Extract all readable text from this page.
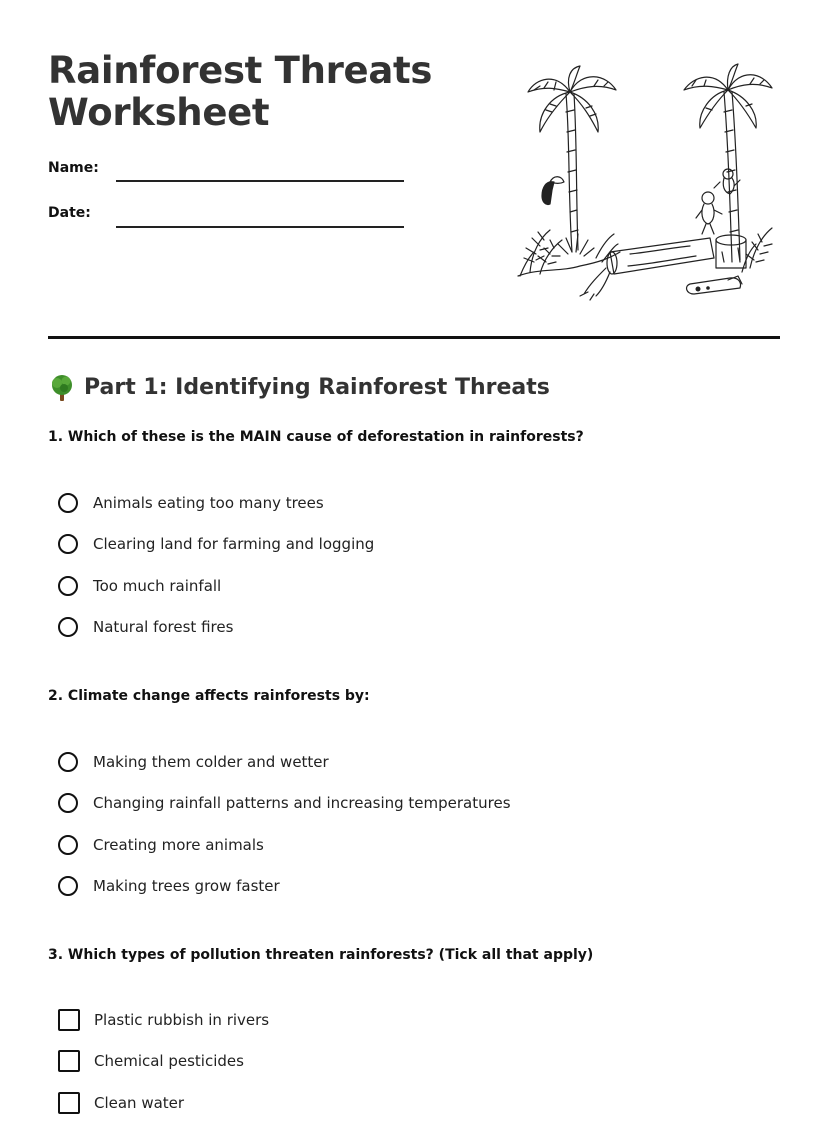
Rainforest Threats
Worksheet
Name:
Date:
Part 1: Identifying Rainforest Threats

1. Which of these is the MAIN cause of deforestation in rainforests?

Animals eating too many trees
Clearing land for farming and logging
Too much rainfall
Natural forest fires

2. Climate change affects rainforests by:

Making them colder and wetter
Changing rainfall patterns and increasing temperatures
Creating more animals
Making trees grow faster

3. Which types of pollution threaten rainforests? (Tick all that apply)

Plastic rubbish in rivers
Chemical pesticides
Clean water
